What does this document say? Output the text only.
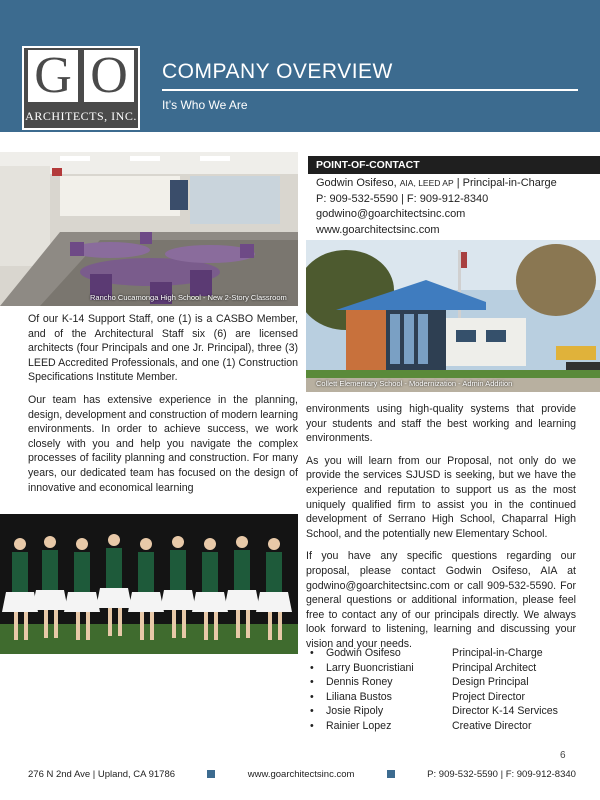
G O
ARCHITECTS, INC.
COMPANY OVERVIEW
It’s Who We Are
Rancho Cucamonga High School - New 2-Story Classroom

Of our K-14 Support Staff, one (1) is a CASBO Member, and of the Architectural Staff six (6) are licensed architects (four Principals and one Jr. Principal), three (3) LEED Accredited Professionals, and one (1) Construction Specifications Institute Member.

Our team has extensive experience in the planning, design, development and construction of modern learning environments. In order to achieve success, we work closely with you and help you navigate the complex processes of facility planning and construction. For many years, our dedicated team has focused on the design of innovative and economical learning

POINT-OF-CONTACT
Godwin Osifeso, AIA, LEED AP | Principal-in-Charge
P: 909-532-5590 | F: 909-912-8340
godwino@goarchitectsinc.com
www.goarchitectsinc.com
Collett Elementary School - Modernization - Admin Addition

environments using high-quality systems that provide your students and staff the best working and learning environments.

As you will learn from our Proposal, not only do we provide the services SJUSD is seeking, but we have the experience and reputation to support us as the most uniquely qualified firm to assist you in the continued development of Serrano High School, Chaparral High School, and the potentially new Elementary School.

If you have any specific questions regarding our proposal, please contact Godwin Osifeso, AIA at godwino@goarchitectsinc.com or call 909-532-5590. For general questions or additional information, please feel free to contact any of our principals directly. We always look forward to listening, learning and discussing your vision and your needs.

•	Godwin Osifeso	Principal-in-Charge
•	Larry Buoncristiani	Principal Architect
•	Dennis Roney	Design Principal
•	Liliana Bustos	Project Director
•	Josie Ripoly	Director K-14 Services
•	Rainier Lopez	Creative Director
6
276 N 2nd Ave | Upland, CA 91786	www.goarchitectsinc.com	P: 909-532-5590 | F: 909-912-8340
